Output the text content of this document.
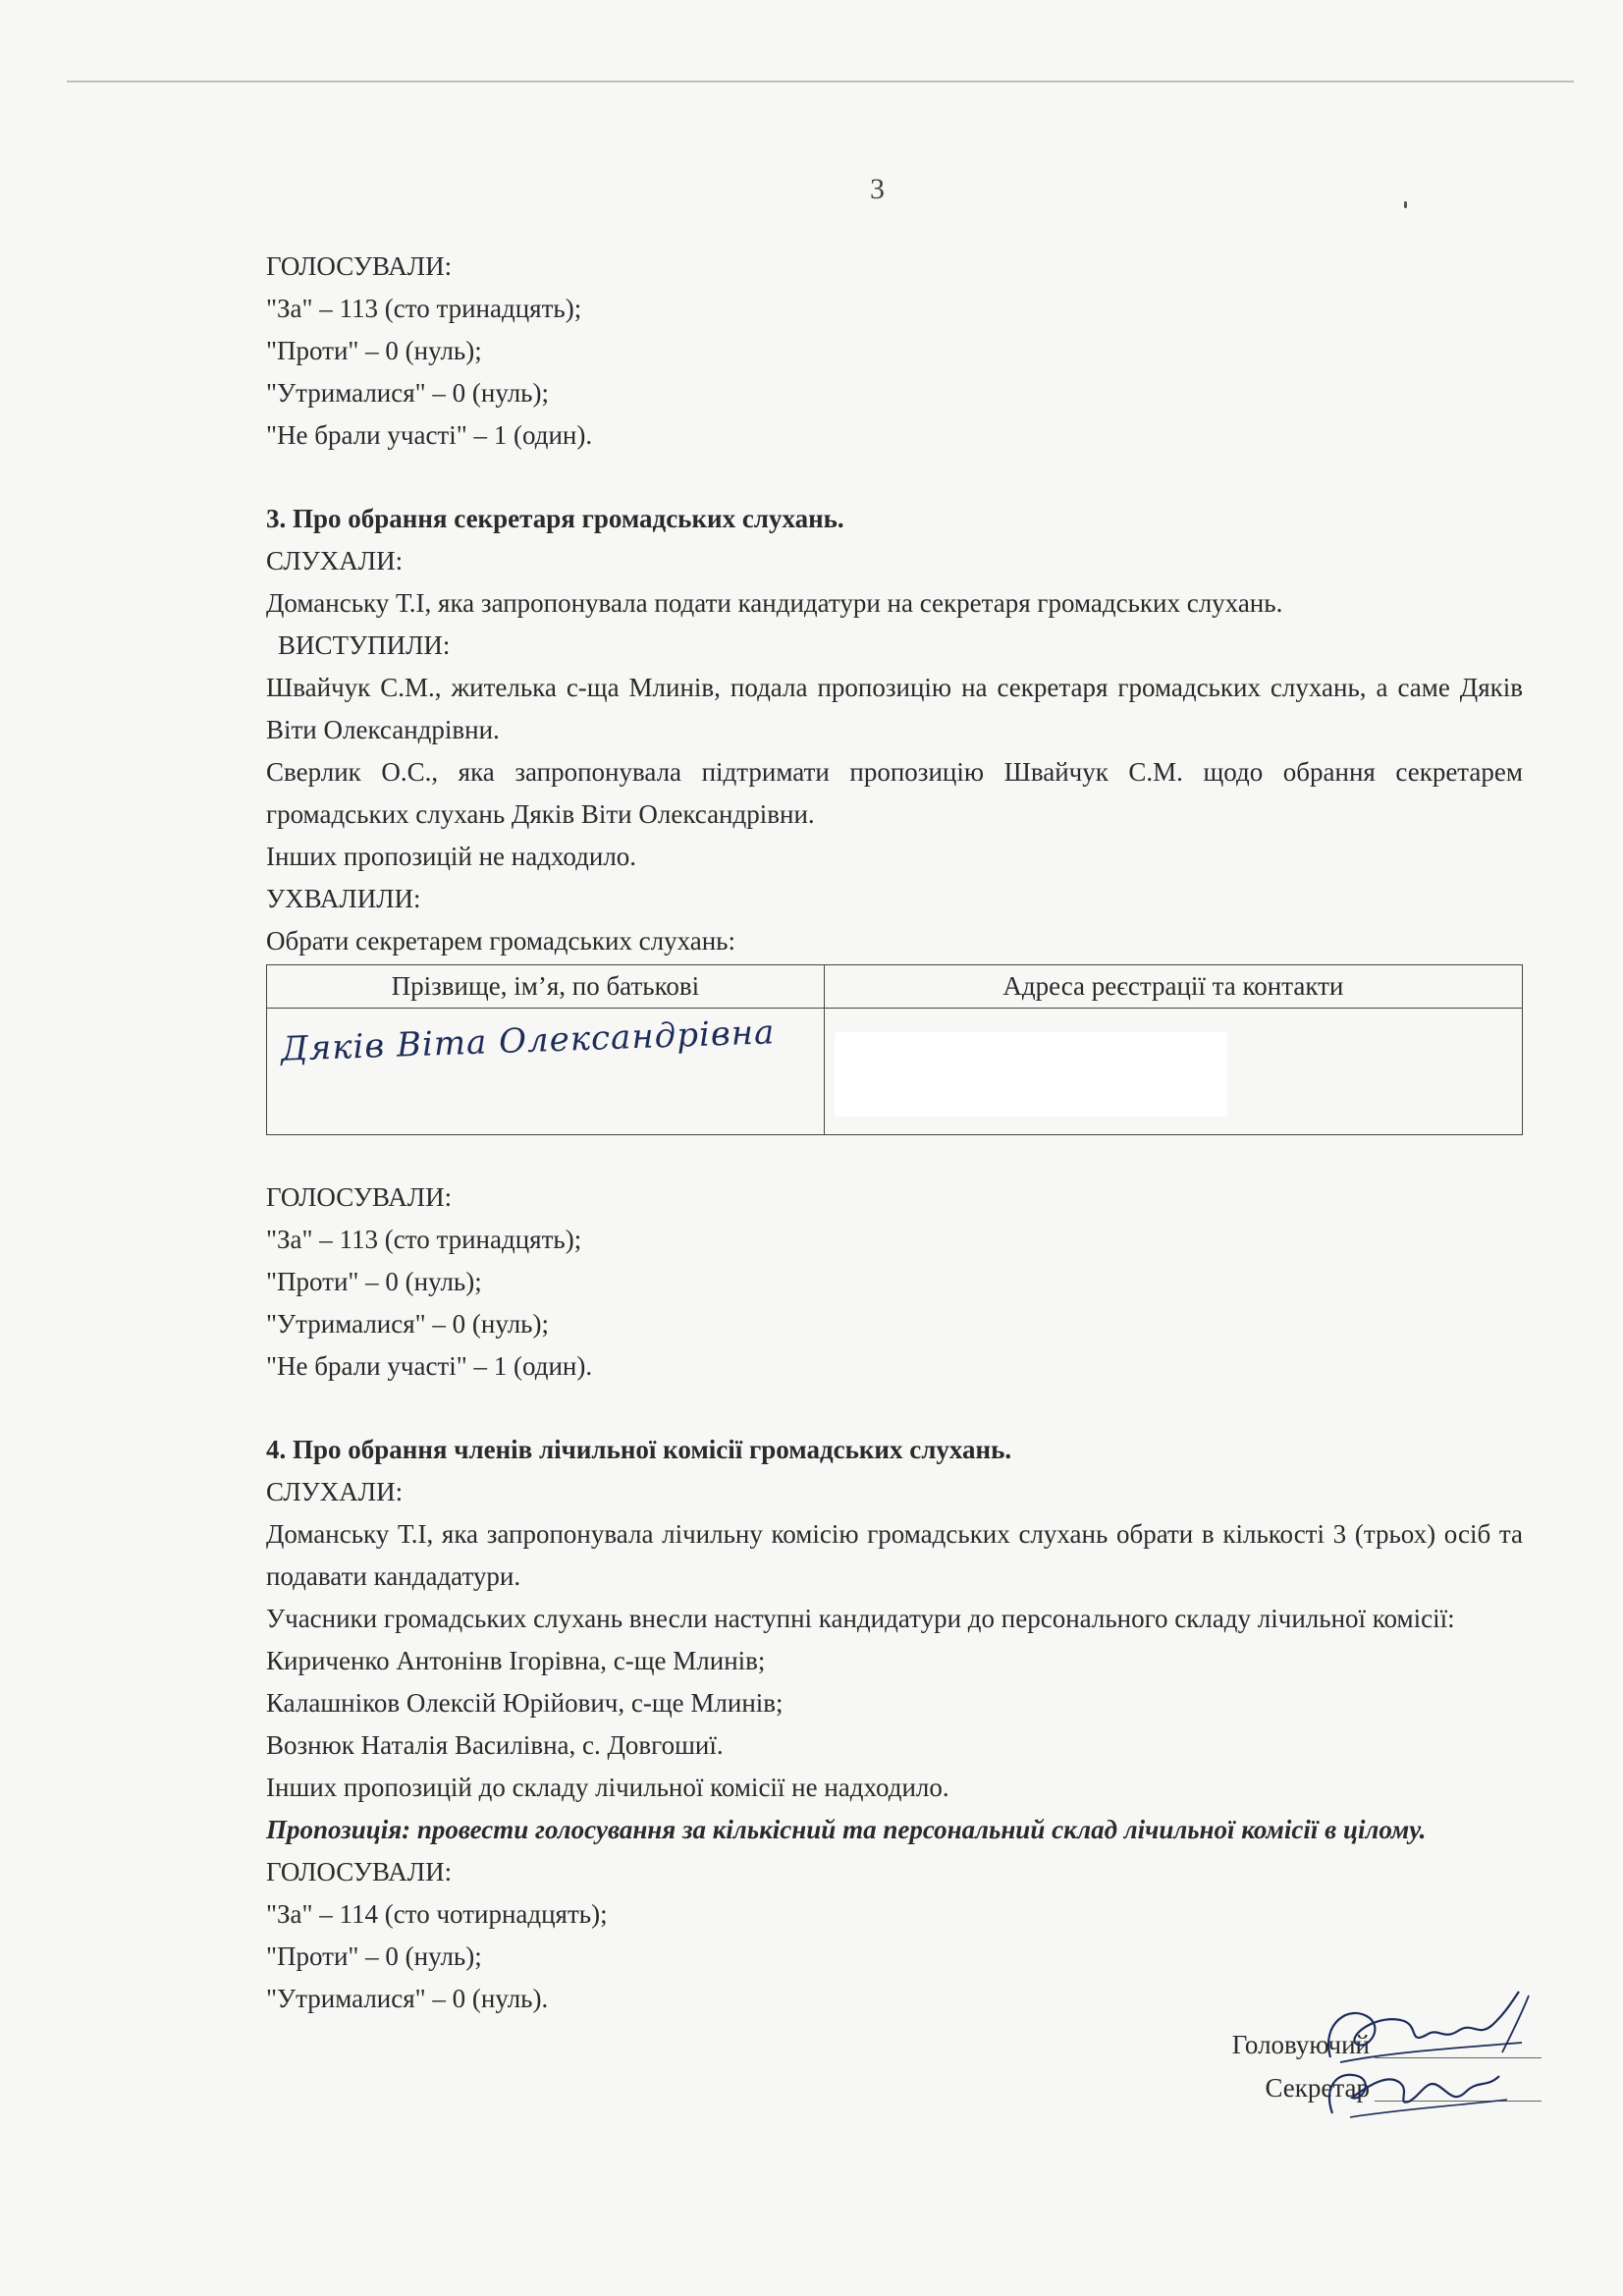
3

ГОЛОСУВАЛИ:

"За" – 113 (сто тринадцять);

"Проти" – 0 (нуль);

"Утрималися" – 0 (нуль);

"Не брали участі" – 1 (один).

3. Про обрання секретаря громадських слухань.

СЛУХАЛИ:

Доманську Т.І, яка запропонувала подати кандидатури на секретаря громадських слухань.

ВИСТУПИЛИ:

Швайчук С.М., жителька с-ща Млинів, подала пропозицію на секретаря громадських слухань, а саме Дяків Віти Олександрівни.

Сверлик О.С., яка запропонувала підтримати пропозицію Швайчук С.М. щодо обрання секретарем громадських слухань Дяків Віти Олександрівни.

Інших пропозицій не надходило.

УХВАЛИЛИ:

Обрати секретарем громадських слухань:

Прізвище, ім’я, по батькові	Адреса реєстрації та контакти

Дяків Віта Олександрівна	

ГОЛОСУВАЛИ:

"За" – 113 (сто тринадцять);

"Проти" – 0 (нуль);

"Утрималися" – 0 (нуль);

"Не брали участі" – 1 (один).

4. Про обрання членів лічильної комісії громадських слухань.

СЛУХАЛИ:

Доманську Т.І, яка запропонувала лічильну комісію громадських слухань обрати в кількості 3 (трьох) осіб та подавати кандадатури.

Учасники громадських слухань внесли наступні кандидатури до персонального складу лічильної комісії:

Кириченко Антонінв Ігорівна, с-ще Млинів;

Калашніков Олексій Юрійович, с-ще Млинів;

Вознюк Наталія Василівна, с. Довгошиї.

Інших пропозицій до складу лічильної комісії не надходило.

Пропозиція: провести голосування за кількісний та персональний склад лічильної комісії в цілому.

ГОЛОСУВАЛИ:

"За" – 114 (сто чотирнадцять);

"Проти" – 0 (нуль);

"Утрималися" – 0 (нуль).

Головуючий
Секретар
